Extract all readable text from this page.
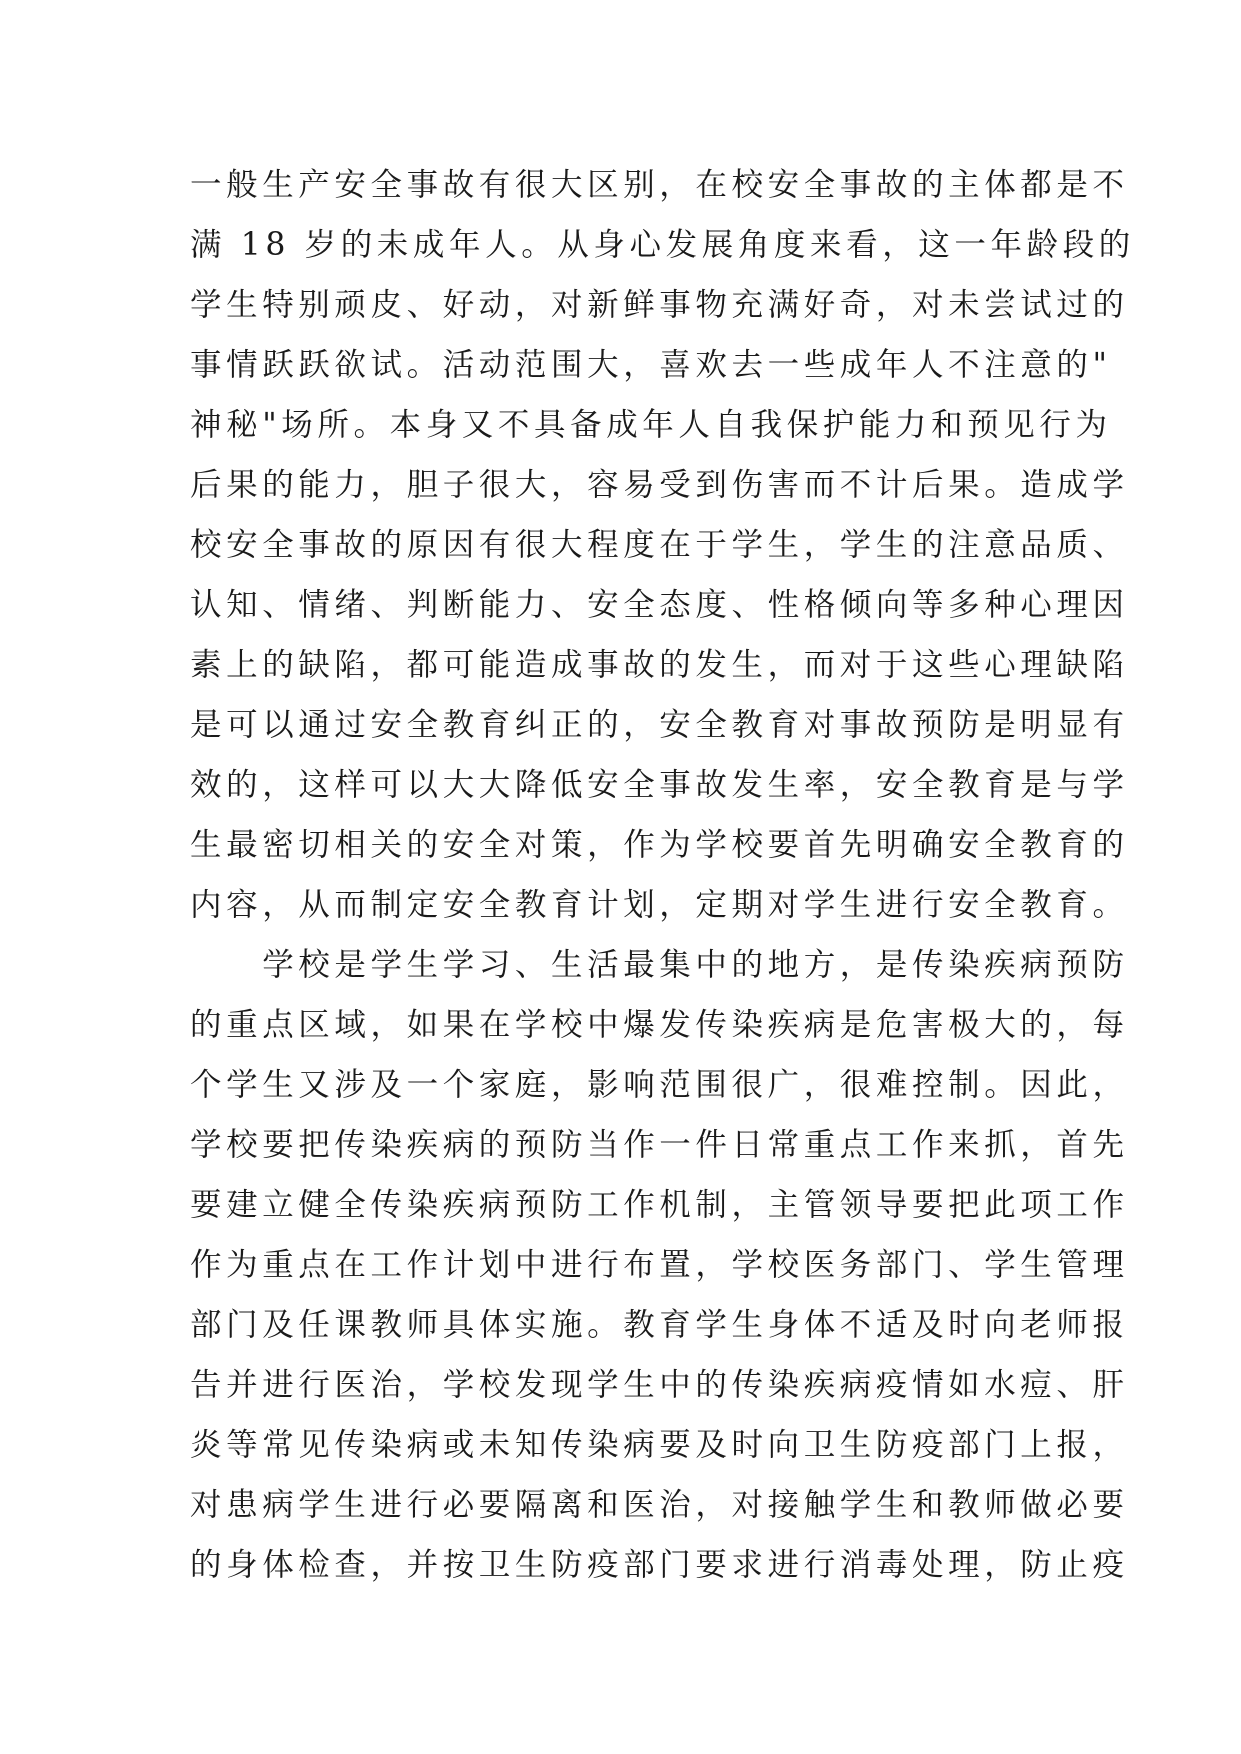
一般生产安全事故有很大区别，在校安全事故的主体都是不
满 18 岁的未成年人。从身心发展角度来看，这一年龄段的
学生特别顽皮、好动，对新鲜事物充满好奇，对未尝试过的
事情跃跃欲试。活动范围大，喜欢去一些成年人不注意的"
神秘"场所。本身又不具备成年人自我保护能力和预见行为
后果的能力，胆子很大，容易受到伤害而不计后果。造成学
校安全事故的原因有很大程度在于学生，学生的注意品质、
认知、情绪、判断能力、安全态度、性格倾向等多种心理因
素上的缺陷，都可能造成事故的发生，而对于这些心理缺陷
是可以通过安全教育纠正的，安全教育对事故预防是明显有
效的，这样可以大大降低安全事故发生率，安全教育是与学
生最密切相关的安全对策，作为学校要首先明确安全教育的
内容，从而制定安全教育计划，定期对学生进行安全教育。
　　学校是学生学习、生活最集中的地方，是传染疾病预防
的重点区域，如果在学校中爆发传染疾病是危害极大的，每
个学生又涉及一个家庭，影响范围很广，很难控制。因此，
学校要把传染疾病的预防当作一件日常重点工作来抓，首先
要建立健全传染疾病预防工作机制，主管领导要把此项工作
作为重点在工作计划中进行布置，学校医务部门、学生管理
部门及任课教师具体实施。教育学生身体不适及时向老师报
告并进行医治，学校发现学生中的传染疾病疫情如水痘、肝
炎等常见传染病或未知传染病要及时向卫生防疫部门上报，
对患病学生进行必要隔离和医治，对接触学生和教师做必要
的身体检查，并按卫生防疫部门要求进行消毒处理，防止疫
